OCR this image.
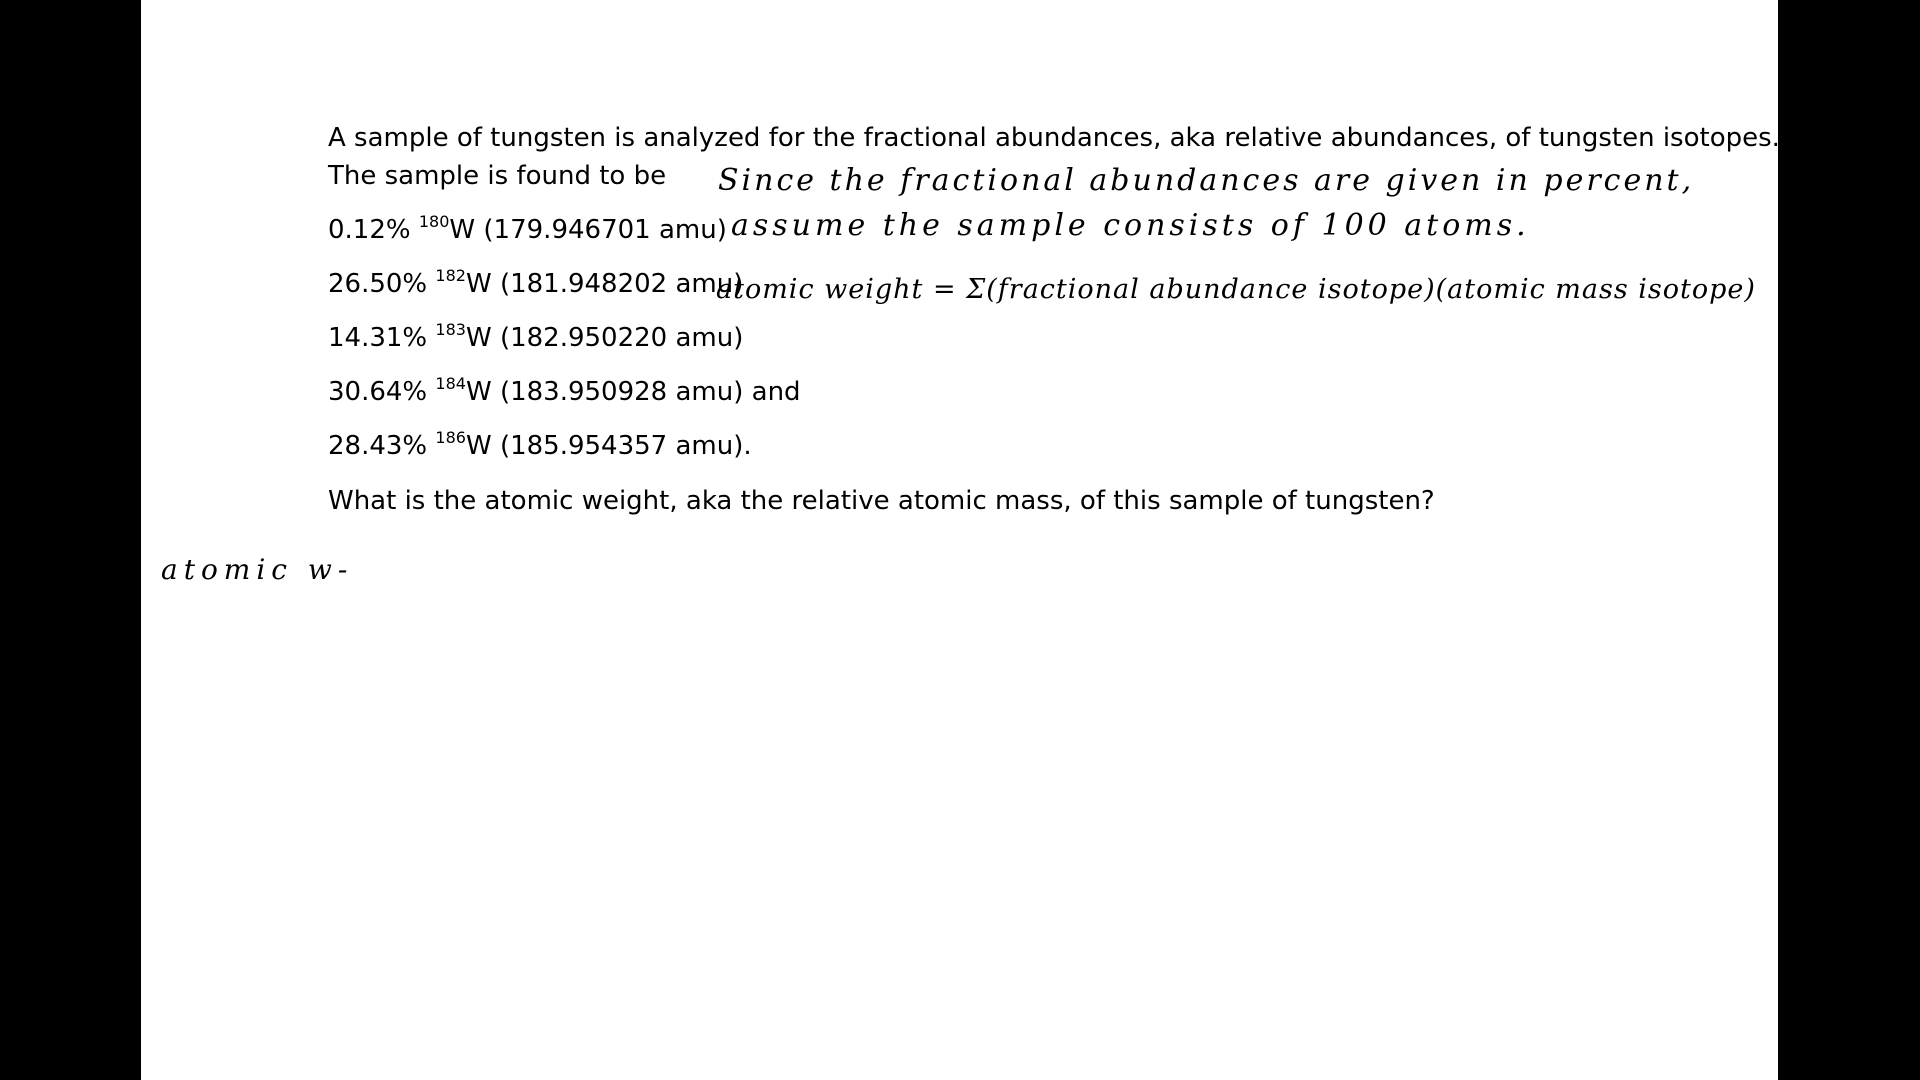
A sample of tungsten is analyzed for the fractional abundances, aka relative abundances, of tungsten isotopes.
The sample is found to be
0.12% $^{180}$W (179.946701 amu)
26.50% $^{182}$W (181.948202 amu)
14.31% $^{183}$W (182.950220 amu)
30.64% $^{184}$W (183.950928 amu) and
28.43% $^{186}$W (185.954357 amu).
What is the atomic weight, aka the relative atomic mass, of this sample of tungsten?
Since the fractional abundances are given in percent,
assume the sample consists of 100 atoms.
atomic weight = Σ(fractional abundance isotope)(atomic mass isotope)
atomic w-
